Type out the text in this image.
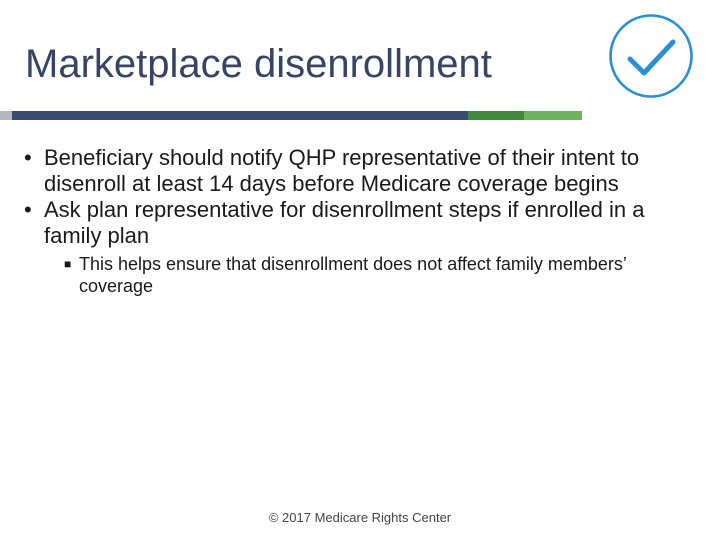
Marketplace disenrollment
• Beneficiary should notify QHP representative of their intent to disenroll at least 14 days before Medicare coverage begins
• Ask plan representative for disenrollment steps if enrolled in a family plan
■ This helps ensure that disenrollment does not affect family members’ coverage
© 2017 Medicare Rights Center
